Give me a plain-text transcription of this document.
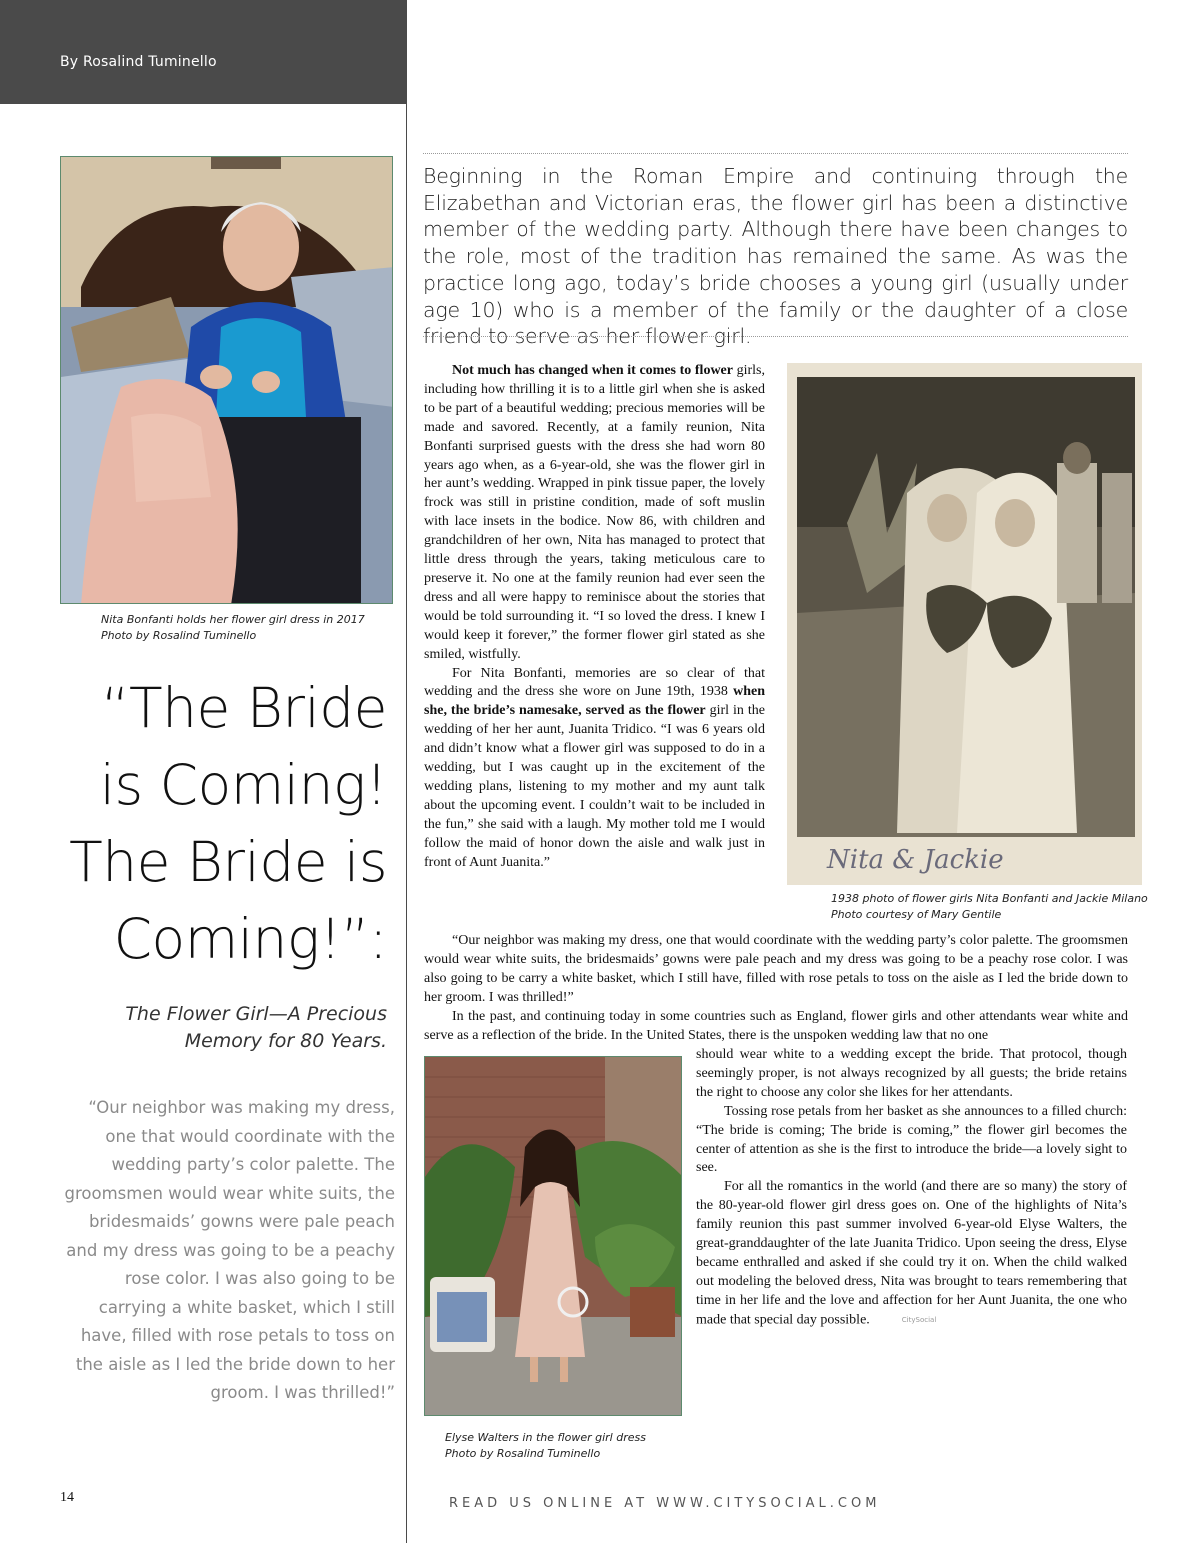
By Rosalind Tuminello
Nita Bonfanti holds her flower girl dress in 2017
Photo by Rosalind Tuminello
“The Bride
is Coming!
The Bride is
Coming!”:
The Flower Girl—A Precious
Memory for 80 Years.
“Our neighbor was making my dress, one that would coordinate with the wedding party’s color palette. The groomsmen would wear white suits, the bridesmaids’ gowns were pale peach and my dress was going to be a peachy rose color. I was also going to be carrying a white basket, which I still have, filled with rose petals to toss on the aisle as I led the bride down to her groom. I was thrilled!”
Beginning in the Roman Empire and continuing through the Elizabethan and Victorian eras, the flower girl has been a distinctive member of the wedding party. Although there have been changes to the role, most of the tradition has remained the same. As was the practice long ago, today’s bride chooses a young girl (usually under age 10) who is a member of the family or the daughter of a close friend to serve as her flower girl.

Not much has changed when it comes to flower girls, including how thrilling it is to a little girl when she is asked to be part of a beautiful wedding; precious memories will be made and savored. Recently, at a family reunion, Nita Bonfanti surprised guests with the dress she had worn 80 years ago when, as a 6-year-old, she was the flower girl in her aunt’s wedding. Wrapped in pink tissue paper, the lovely frock was still in pristine condition, made of soft muslin with lace insets in the bodice. Now 86, with children and grandchildren of her own, Nita has managed to protect that little dress through the years, taking meticulous care to preserve it. No one at the family reunion had ever seen the dress and all were happy to reminisce about the stories that would be told surrounding it. “I so loved the dress. I knew I would keep it forever,” the former flower girl stated as she smiled, wistfully.

For Nita Bonfanti, memories are so clear of that wedding and the dress she wore on June 19th, 1938 when she, the bride’s namesake, served as the flower girl in the wedding of her her aunt, Juanita Tridico. “I was 6 years old and didn’t know what a flower girl was supposed to do in a wedding, but I was caught up in the excitement of the wedding plans, listening to my mother and my aunt talk about the upcoming event. I couldn’t wait to be included in the fun,” she said with a laugh. My mother told me I would follow the maid of honor down the aisle and walk just in front of Aunt Juanita.”	Nita & Jackie
1938 photo of flower girls Nita Bonfanti and Jackie Milano
Photo courtesy of Mary Gentile

“Our neighbor was making my dress, one that would coordinate with the wedding party’s color palette. The groomsmen would wear white suits, the bridesmaids’ gowns were pale peach and my dress was going to be a peachy rose color. I was also going to be carry a white basket, which I still have, filled with rose petals to toss on the aisle as I led the bride down to her groom. I was thrilled!”

In the past, and continuing today in some countries such as England, flower girls and other attendants wear white and serve as a reflection of the bride. In the United States, there is the unspoken wedding law that no one

Elyse Walters in the flower girl dress
Photo by Rosalind Tuminello

should wear white to a wedding except the bride. That protocol, though seemingly proper, is not always recognized by all guests; the bride retains the right to choose any color she likes for her attendants.

Tossing rose petals from her basket as she announces to a filled church: “The bride is coming; The bride is coming,” the flower girl becomes the center of attention as she is the first to introduce the bride—a lovely sight to see.

For all the romantics in the world (and there are so many) the story of the 80-year-old flower girl dress goes on. One of the highlights of Nita’s family reunion this past summer involved 6-year-old Elyse Walters, the great-granddaughter of the late Juanita Tridico. Upon seeing the dress, Elyse became enthralled and asked if she could try it on. When the child walked out modeling the beloved dress, Nita was brought to tears remembering that time in her life and the love and affection for her Aunt Juanita, the one who made that special day possible.	CitySocial

14	READ US ONLINE AT WWW.CITYSOCIAL.COM
